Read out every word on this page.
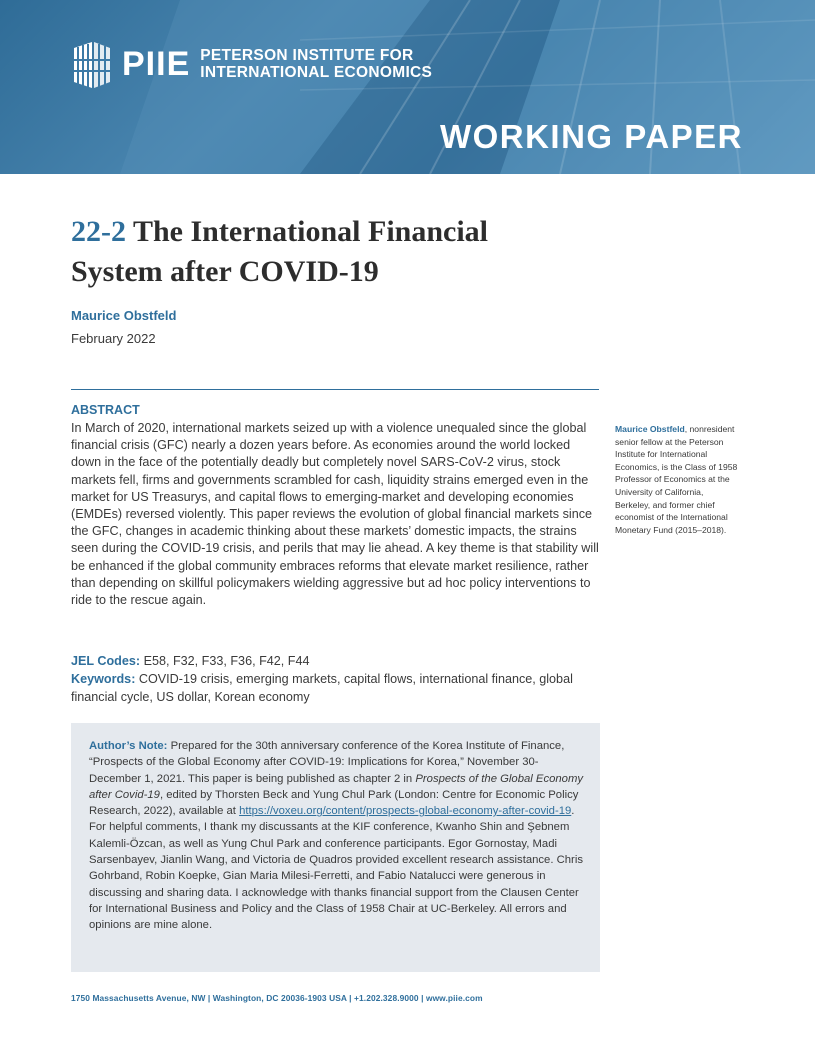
PIIE PETERSON INSTITUTE FOR
INTERNATIONAL ECONOMICS
WORKING PAPER
22-2 The International Financial
System after COVID-19
Maurice Obstfeld
February 2022
ABSTRACT
In March of 2020, international markets seized up with a violence unequaled since the global financial crisis (GFC) nearly a dozen years before. As economies around the world locked down in the face of the potentially deadly but completely novel SARS-CoV-2 virus, stock markets fell, firms and governments scrambled for cash, liquidity strains emerged even in the market for US Treasurys, and capital flows to emerging-market and developing economies (EMDEs) reversed violently. This paper reviews the evolution of global financial markets since the GFC, changes in academic thinking about these markets’ domestic impacts, the strains seen during the COVID-19 crisis, and perils that may lie ahead. A key theme is that stability will be enhanced if the global community embraces reforms that elevate market resilience, rather than depending on skillful policymakers wielding aggressive but ad hoc policy interventions to ride to the rescue again.
JEL Codes: E58, F32, F33, F36, F42, F44
Keywords: COVID-19 crisis, emerging markets, capital flows, international finance, global financial cycle, US dollar, Korean economy
Author’s Note: Prepared for the 30th anniversary conference of the Korea Institute of Finance, “Prospects of the Global Economy after COVID-19: Implications for Korea,” November 30-December 1, 2021. This paper is being published as chapter 2 in Prospects of the Global Economy after Covid-19, edited by Thorsten Beck and Yung Chul Park (London: Centre for Economic Policy Research, 2022), available at https://voxeu.org/content/prospects-global-economy-after-covid-19. For helpful comments, I thank my discussants at the KIF conference, Kwanho Shin and Şebnem Kalemli-Özcan, as well as Yung Chul Park and conference participants. Egor Gornostay, Madi Sarsenbayev, Jianlin Wang, and Victoria de Quadros provided excellent research assistance. Chris Gohrband, Robin Koepke, Gian Maria Milesi-Ferretti, and Fabio Natalucci were generous in discussing and sharing data. I acknowledge with thanks financial support from the Clausen Center for International Business and Policy and the Class of 1958 Chair at UC-Berkeley. All errors and opinions are mine alone.
Maurice Obstfeld, nonresident senior fellow at the Peterson Institute for International Economics, is the Class of 1958 Professor of Economics at the University of California, Berkeley, and former chief economist of the International Monetary Fund (2015–2018).
1750 Massachusetts Avenue, NW | Washington, DC 20036-1903 USA | +1.202.328.9000 | www.piie.com
